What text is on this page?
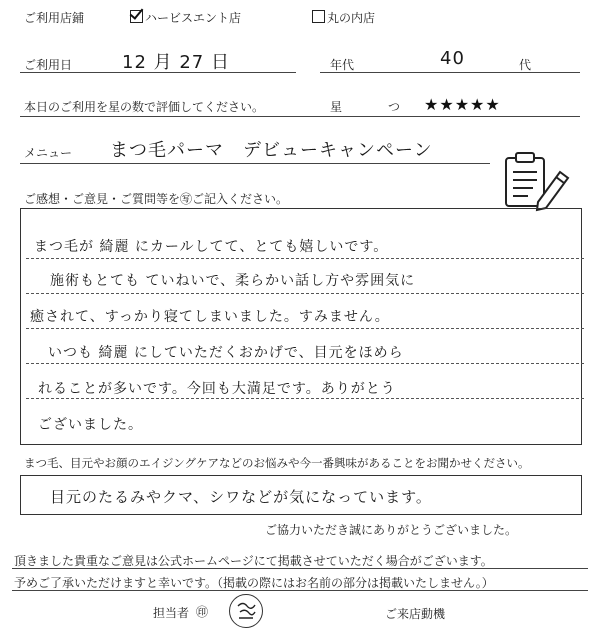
ご利用店鋪	ハービスエント店	丸の内店
ご利用日	12 月 27 日	年代	40	代
本日のご利用を星の数で評価してください。	星	つ ★★★★★
メニュー まつ毛パーマ　デビューキャンペーン
ご感想・ご意見・ご質問等を㊢ご記入ください。
まつ毛が 綺麗 にカールしてて、とても嬉しいです。
施術もとても ていねいで、柔らかい話し方や雰囲気に
癒されて、すっかり寝てしまいました。すみません。
いつも 綺麗 にしていただくおかげで、目元をほめら
れることが多いです。今回も大満足です。ありがとう
ございました。
まつ毛、目元やお顔のエイジングケアなどのお悩みや今一番興味があることをお聞かせください。
目元のたるみやクマ、シワなどが気になっています。
ご協力いただき誠にありがとうございました。
頂きました貴重なご意見は公式ホームページにて掲載させていただく場合がございます。
予めご了承いただけますと幸いです。（掲載の際にはお名前の部分は掲載いたしません。）
担当者 ㊞	ご来店動機
